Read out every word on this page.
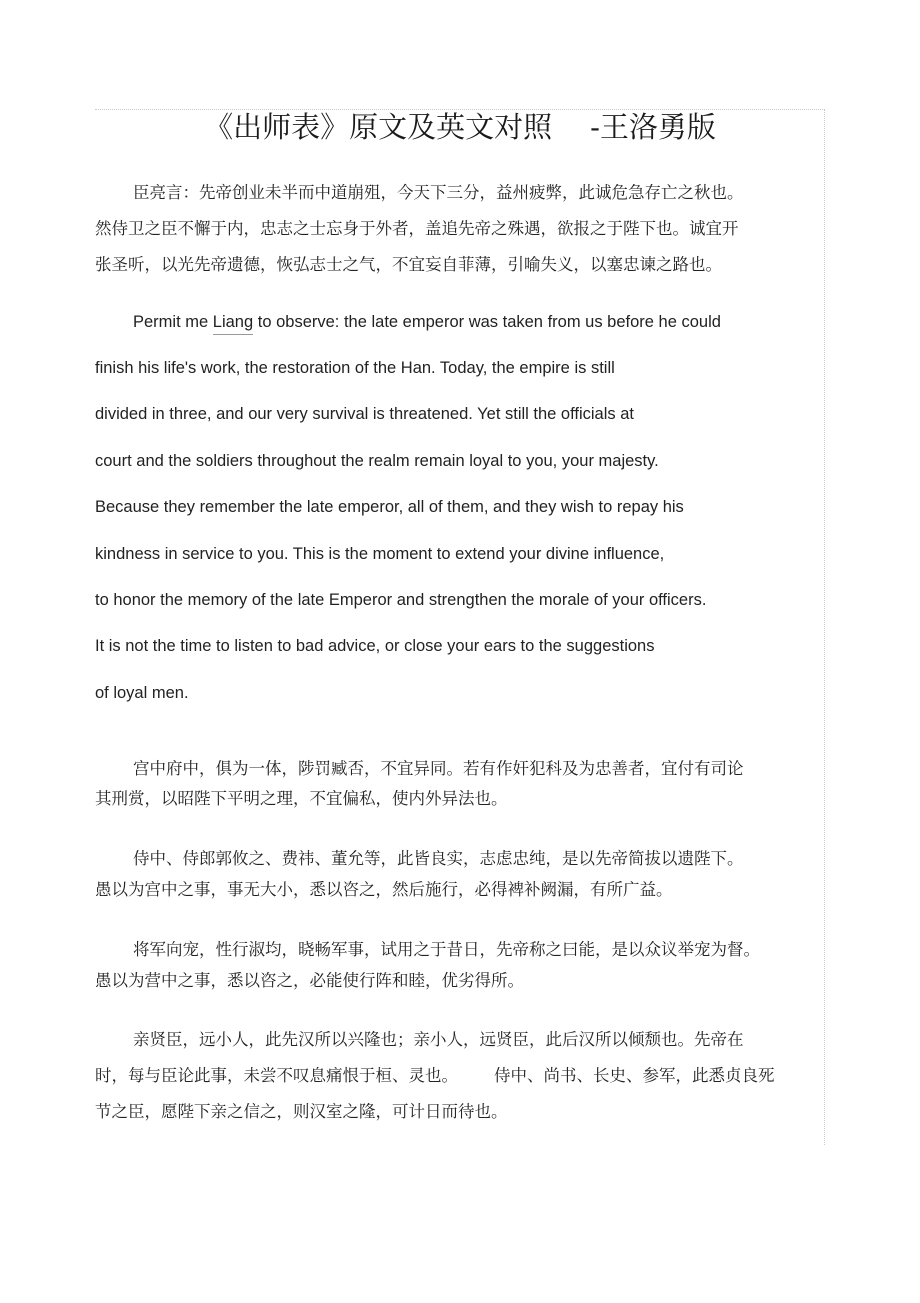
《出师表》原文及英文对照 -王洛勇版
臣亮言：先帝创业未半而中道崩殂，今天下三分，益州疲弊，此诚危急存亡之秋也。
然侍卫之臣不懈于内，忠志之士忘身于外者，盖追先帝之殊遇，欲报之于陛下也。诚宜开
张圣听，以光先帝遗德，恢弘志士之气，不宜妄自菲薄，引喻失义，以塞忠谏之路也。
Permit me Liang to observe: the late emperor was taken from us before he could
finish his life's work, the restoration of the Han. Today, the empire is still
divided in three, and our very survival is threatened. Yet still the officials at
court and the soldiers throughout the realm remain loyal to you, your majesty.
Because they remember the late emperor, all of them, and they wish to repay his
kindness in service to you. This is the moment to extend your divine influence,
to honor the memory of the late Emperor and strengthen the morale of your officers.
It is not the time to listen to bad advice, or close your ears to the suggestions
of loyal men.
宫中府中，俱为一体，陟罚臧否，不宜异同。若有作奸犯科及为忠善者，宜付有司论
其刑赏，以昭陛下平明之理，不宜偏私，使内外异法也。
侍中、侍郎郭攸之、费祎、董允等，此皆良实，志虑忠纯，是以先帝简拔以遗陛下。
愚以为宫中之事，事无大小，悉以咨之，然后施行，必得裨补阙漏，有所广益。
将军向宠，性行淑均，晓畅军事，试用之于昔日，先帝称之曰能，是以众议举宠为督。
愚以为营中之事，悉以咨之，必能使行阵和睦，优劣得所。
亲贤臣，远小人，此先汉所以兴隆也；亲小人，远贤臣，此后汉所以倾颓也。先帝在
时，每与臣论此事，未尝不叹息痛恨于桓、灵也。 侍中、尚书、长史、参军，此悉贞良死
节之臣，愿陛下亲之信之，则汉室之隆，可计日而待也。
